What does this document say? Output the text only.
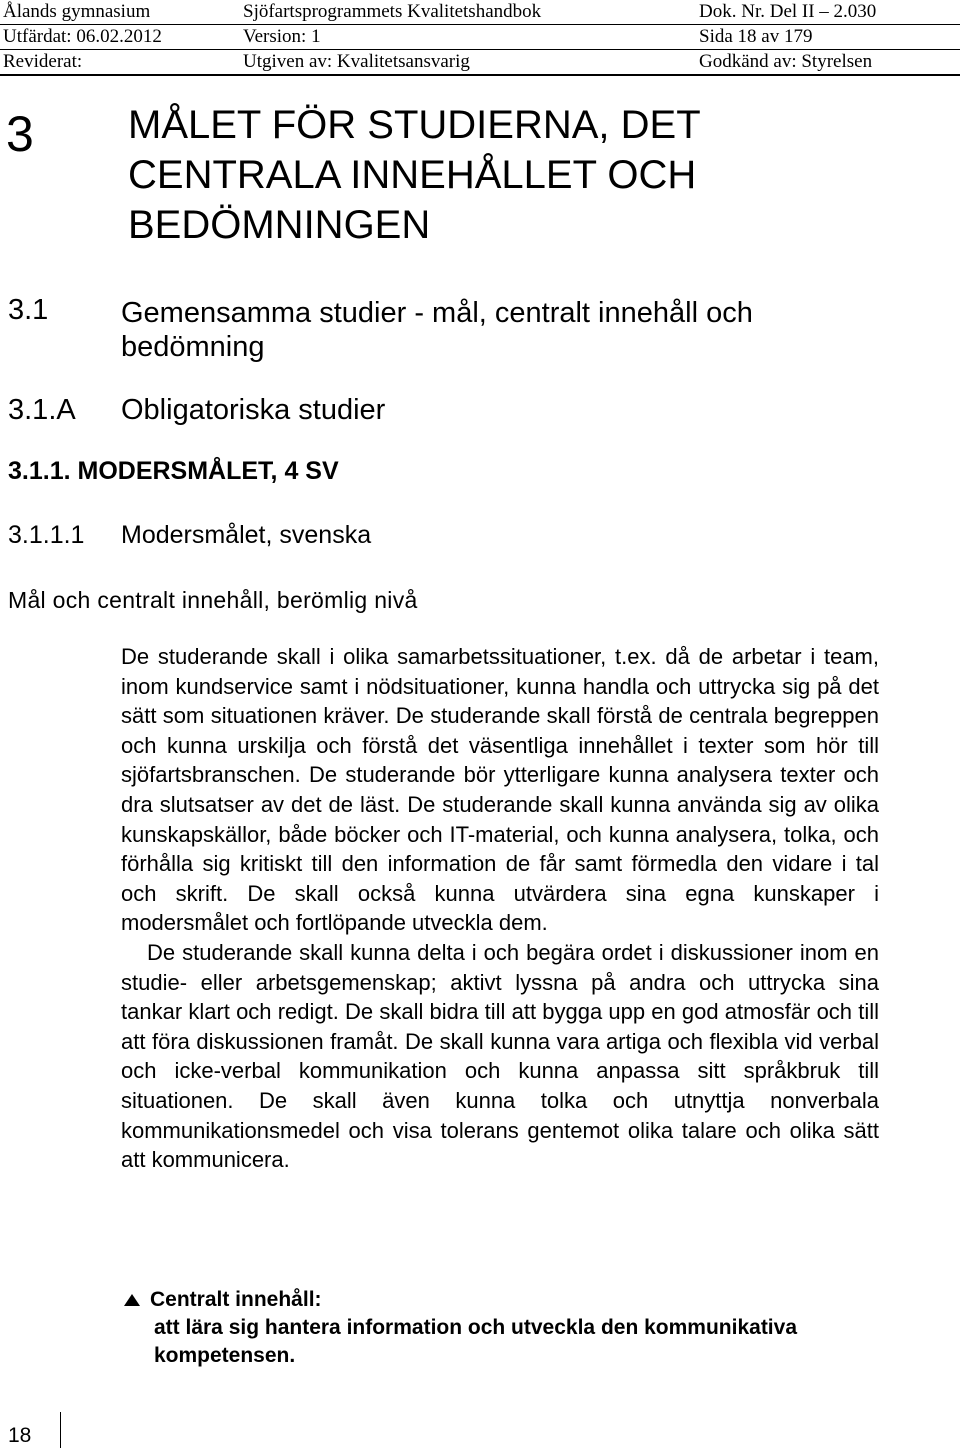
Ålands gymnasium	Sjöfartsprogrammets Kvalitetshandbok	Dok. Nr. Del II – 2.030
Utfärdat: 06.02.2012	Version: 1	Sida 18 av 179
Reviderat:	Utgiven av: Kvalitetsansvarig	Godkänd av: Styrelsen
3 MÅLET FÖR STUDIERNA, DET
CENTRALA INNEHÅLLET OCH
BEDÖMNINGEN
3.1	Gemensamma studier - mål, centralt innehåll och
bedömning
3.1.A Obligatoriska studier
3.1.1. MODERSMÅLET, 4 SV
3.1.1.1 Modersmålet, svenska
Mål och centralt innehåll, berömlig nivå

De studerande skall i olika samarbetssituationer, t.ex. då de arbetar i team, inom kundservice samt i nödsituationer, kunna handla och uttrycka sig på det sätt som situationen kräver. De studerande skall förstå de centrala begreppen och kunna urskilja och förstå det väsentliga innehållet i texter som hör till sjöfartsbranschen. De studerande bör ytterligare kunna analysera texter och dra slutsatser av det de läst. De studerande skall kunna använda sig av olika kunskapskällor, både böcker och IT-material, och kunna analysera, tolka, och förhålla sig kritiskt till den information de får samt förmedla den vidare i tal och skrift. De skall också kunna utvärdera sina egna kunskaper i modersmålet och fortlöpande utveckla dem.

De studerande skall kunna delta i och begära ordet i diskussioner inom en studie- eller arbetsgemenskap; aktivt lyssna på andra och uttrycka sina tankar klart och redigt. De skall bidra till att bygga upp en god atmosfär och till att föra diskussionen framåt. De skall kunna vara artiga och flexibla vid verbal och icke-verbal kommunikation och kunna anpassa sitt språkbruk till situationen. De skall även kunna tolka och utnyttja nonverbala kommunikationsmedel och visa tolerans gentemot olika talare och olika sätt att kommunicera.

Centralt innehåll:
att lära sig hantera information och utveckla den kommunikativa kompetensen.
18
